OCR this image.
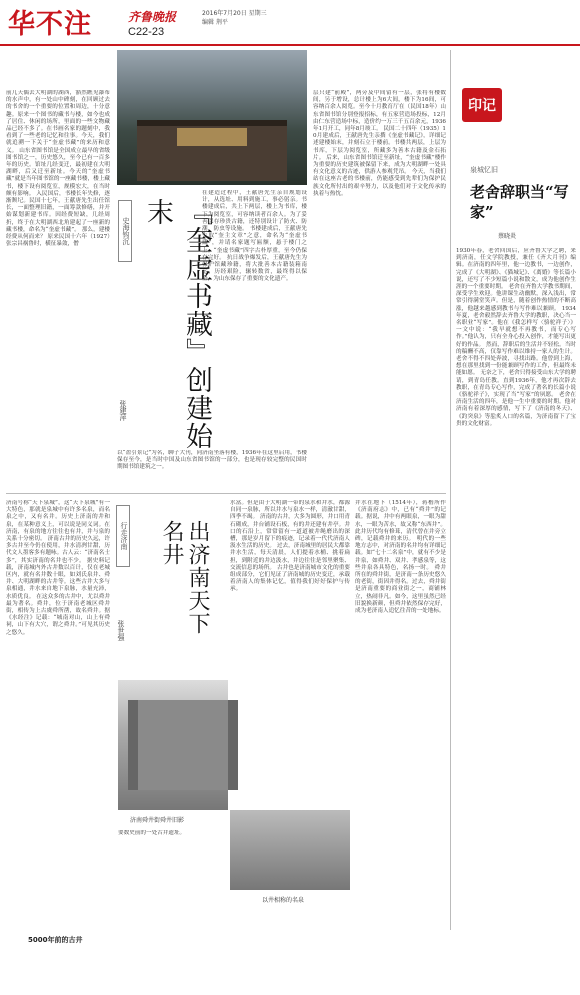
华不注	齐鲁晚报	2016年7月20日 星期三
编辑 荆平
C22-23
前几天偶去大明湖的湖西，豁然瞧见瀑布的水声中，有一处山中碑刻，在回顾过去的书舍的一个重要的位置和周边，十分意趣。原来一个图书的藏书与楼，如今也成了居住、休闲的场所，里面的一些文物藏品已经不多了。在书画名家的题刻中，我看到了一些老的记忆和往事。今天，我们就追溯一下关于“奎虚书藏”的来历和意义。 山东省图书馆是全国成立最早的省级图书馆之一，历史悠久，至今已有一百多年的历史。馆址几经变迁，最初建在大明湖畔，后又迁至新址。今天的“奎虚书藏”就是当年图书馆的一座藏书楼，楼上藏书，楼下设有阅览室，规模宏大，在当时颇有影响。 入民国后，书楼长年失修，逐渐颓圮。民国十七年，王献唐先生出任馆长，一面整理旧籍，一面筹款修缮，并开始谋划新建书库。因经费短缺，几经周折，终于在大明湖西北角建起了一座新的藏书楼，命名为“奎虚书藏”。 那么，建楼经费从何而来？ 原来民国十六年（1927）张宗昌祸鲁时，横征暴敛，僧	史海钩沉	『奎虚书藏』创建始末
张建萍
在建造过程中，王献唐先生亲自规划设计，从选址、用料到施工，事必躬亲。书楼建成后，共上下两层，楼上为书库，楼下为阅览室，可容纳读者百余人。为了妥善保存珍贵古籍，还特别设计了防火、防潮、防虫等设施。 书楼建成后，王献唐先生取“奎主文章”之意，命名为“奎虚书藏”，并请名家题写匾额，悬于楼门之上。“奎虚书藏”四字古朴厚重，至今仍保存完好。 抗日战争爆发后，王献唐先生为保护馆藏珍籍，将大批善本古籍装箱南运，历经艰险，辗转数省，最终得以保全，为山东保存了重要的文化遗产。
层只建“前殿”，两旁及中间留有一层，张将有楼数间，另于增设，总计楼上为6大间，楼下为16间，可容纳百余人阅览。至今十月教育厅在（民国18年）山东省图书馆分别登报招标，有五家营造场投标，12月由仁东营造场中标，造价约一万三千五百余元，1936年1月开工，同年8月竣工。 民国二十四年（1935）10月建成后，王献唐先生亲撰《奎虚书藏记》，详细记述建楼始末，并刻石立于楼前。书楼共两层，上层为书库，下层为阅览室，所藏多为善本古籍及金石拓片。 后来，山东省图书馆迁至新址，“奎虚书藏”楼作为重要的历史建筑被保留下来，成为大明湖畔一处具有文化意义的古迹，供游人参观凭吊。 今天，当我们站在这座古老的书楼前，仍能感受到先辈们为保护民族文化所付出的艰辛努力，以及他们对于文化传承的执着与热忱。
以“盈引景记”为名，聊子大刊，同济南坐落有楼，1936年在这里启用，书楼保存至今，是当时中国及山东省图书馆的一部分，也是现存较完整的民国时期图书馆建筑之一。
济南号称“天下泉城”，这“天下泉城”有一大特色，那就是泉城中有许多名泉，而名泉之中，又有名井。历史上济南的井和泉，在某种意义上，可以说是同义词。在济南，有泉的地方往往也有井，井与泉的关系十分密切。 济南古井的历史久远，许多古井至今仍在使用，井水清冽甘甜，历代文人墨客多有题咏。古人云：“济南名士多”，其实济南的名井也不少。 据史料记载，济南城内外古井数以百计，仅在老城区内，就有名井数十眼，如刘氏泉井、舜井、大明湖畔的古井等。这些古井大多与泉相通，井水来自地下泉脉，水量充沛，水质优良。 在这众多的古井中，尤以舜井最为著名。舜井，位于济南老城区舜井街，相传为上古虞舜所凿，故名舜井。据《水经注》记载：“城南对山，山上有舜祠，山下有大穴，谓之舜井。”可见其历史之悠久。
行走济南	出济南天下名井
张世强
水富。但是由于大明湖一带的泉水和井水，都源自同一泉脉，所以井水与泉水一样，清澈甘甜，四季不竭。 济南的古井，大多为圆形，井口用青石砌成，井台铺设石板，有的井还建有井亭。井口的石沿上，常常留有一道道被井绳磨出的深槽，那是岁月留下的痕迹，记录着一代代济南人汲水生活的历史。 过去，济南城里的居民大都靠井水生活，每天清晨，人们提着水桶、挑着扁担，到附近的井边汲水，井边往往是邻里聚集、交流信息的场所。 古井也是济南城市文化的重要组成部分，它们见证了济南城的历史变迁，承载着济南人的集体记忆，值得我们好好保护与传承。
井水在地下（1514年），蒋楷所作《济南府志》中，已有“舜井”的记载。据说，井中有两眼泉，一眼为甜水，一眼为苦水，故又称“东西井”。此井历代均有修葺，清代曾在井旁立碑，记载舜井的来历。 明代的一些地方志中，对济南的名井均有详细记载。如“七十二名泉”中，就有不少是井泉，如舜井、双井、孝感泉等，这些井泉各具特色，名扬一时。 舜井所在的舜井街，是济南一条历史悠久的老街，街因井得名。过去，舜井街是济南重要的商业街之一，商铺林立，热闹非凡。如今，这里虽然已经旧貌换新颜，但舜井依然保存完好，成为老济南人追忆往昔的一处地标。
济南舜井街舜井旧影
要数史前的一处古井遗址。
以井相称的名泉
5000年前的古井
印记
泉城忆旧
老舍辞职当“写家”
蔡晓炎
1930年春，老舍回国后，应齐鲁大学之聘，来到济南，任文学院教授，兼任《齐大月刊》编辑。在济南的四年里，他一边教书，一边创作，完成了《大明湖》、《猫城记》、《离婚》等长篇小说，还写了不少短篇小说和散文，成为他创作生涯的一个重要时期。 老舍在齐鲁大学教书期间，深受学生欢迎。他讲课生动幽默，深入浅出，常常引得满堂笑声。但是，随着创作热情的不断高涨，他越来越感到教书与写作难以兼顾。 1934年夏，老舍毅然辞去齐鲁大学的教职，决心当一名职业“写家”。他在《我怎样写〈骆驼祥子〉》一文中说：“我早就想不再教书，而专心写作。”他认为，只有全身心投入创作，才能写出更好的作品。 然而，辞职后的生活并不轻松。当时的稿酬不高，仅靠写作难以维持一家人的生计。老舍不得不四处奔波，寻找出路。他曾到上海，想在那里找到一份能兼顾写作的工作，但最终未能如愿。 无奈之下，老舍只得接受山东大学的聘请，到青岛任教。直到1936年，他才再次辞去教职，在青岛专心写作，完成了著名的长篇小说《骆驼祥子》，实现了当“写家”的夙愿。 老舍在济南生活的四年，是他一生中重要的时期。他对济南有着深厚的感情，写下了《济南的冬天》、《趵突泉》等脍炙人口的名篇，为济南留下了宝贵的文化财富。
